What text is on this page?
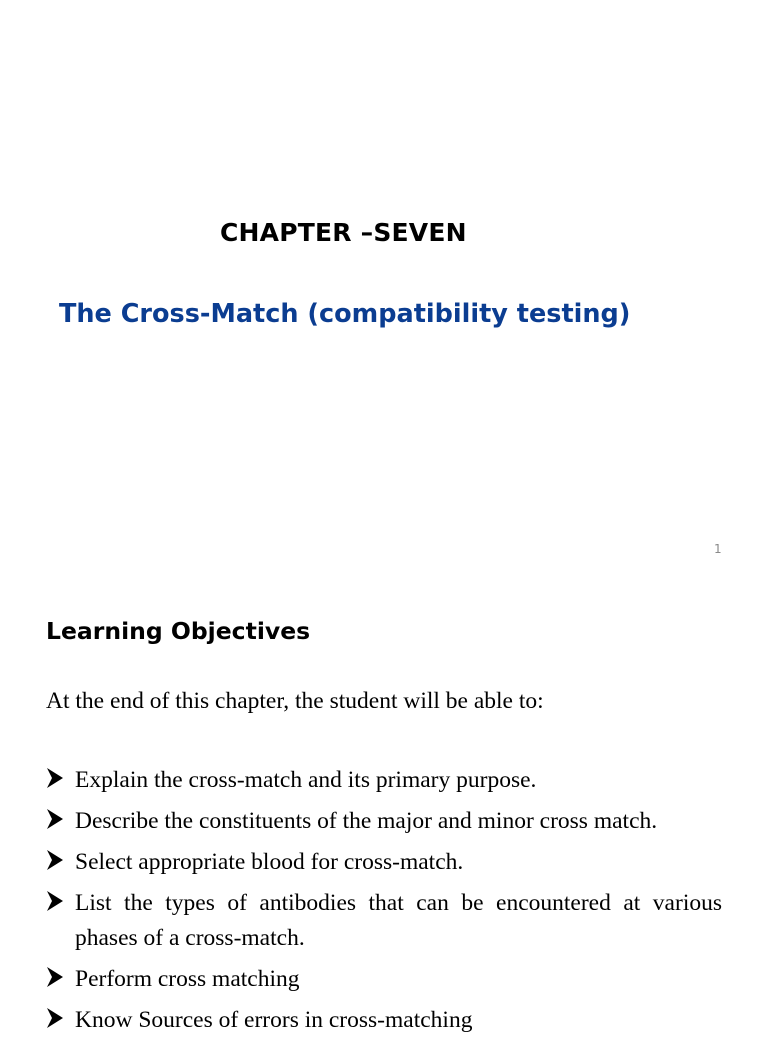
CHAPTER –SEVEN
The Cross-Match (compatibility testing)
1
Learning Objectives
At the end of this chapter, the student will be able to:
Explain the cross-match and its primary purpose.
Describe the constituents of the major and minor cross match.
Select appropriate blood for cross-match.
List the types of antibodies that can be encountered at various phases of a cross-match.
Perform cross matching
Know Sources of errors in cross-matching
